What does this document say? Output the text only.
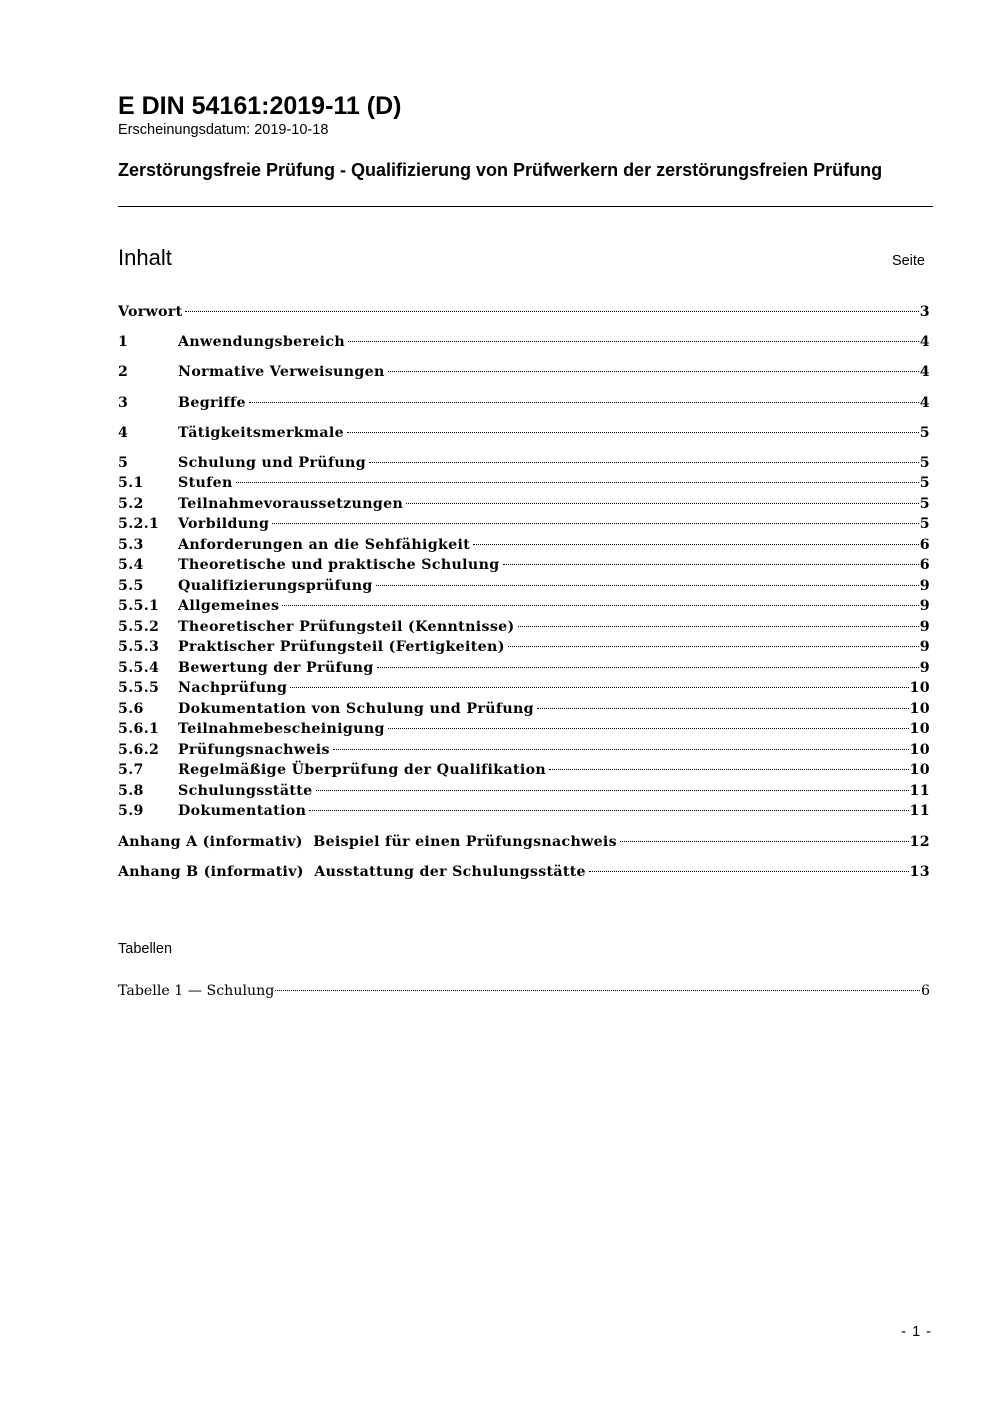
E DIN 54161:2019-11 (D)
Erscheinungsdatum: 2019-10-18
Zerstörungsfreie Prüfung - Qualifizierung von Prüfwerkern der zerstörungsfreien Prüfung
Inhalt	Seite
Vorwort	3
1	Anwendungsbereich	4
2	Normative Verweisungen	4
3	Begriffe	4
4	Tätigkeitsmerkmale	5
5	Schulung und Prüfung	5
5.1	Stufen	5
5.2	Teilnahmevoraussetzungen	5
5.2.1	Vorbildung	5
5.3	Anforderungen an die Sehfähigkeit	6
5.4	Theoretische und praktische Schulung	6
5.5	Qualifizierungsprüfung	9
5.5.1	Allgemeines	9
5.5.2	Theoretischer Prüfungsteil (Kenntnisse)	9
5.5.3	Praktischer Prüfungsteil (Fertigkeiten)	9
5.5.4	Bewertung der Prüfung	9
5.5.5	Nachprüfung	10
5.6	Dokumentation von Schulung und Prüfung	10
5.6.1	Teilnahmebescheinigung	10
5.6.2	Prüfungsnachweis	10
5.7	Regelmäßige Überprüfung der Qualifikation	10
5.8	Schulungsstätte	11
5.9	Dokumentation	11
Anhang A (informativ)  Beispiel für einen Prüfungsnachweis	12
Anhang B (informativ)  Ausstattung der Schulungsstätte	13
Tabellen
Tabelle 1 — Schulung	6
- 1 -
